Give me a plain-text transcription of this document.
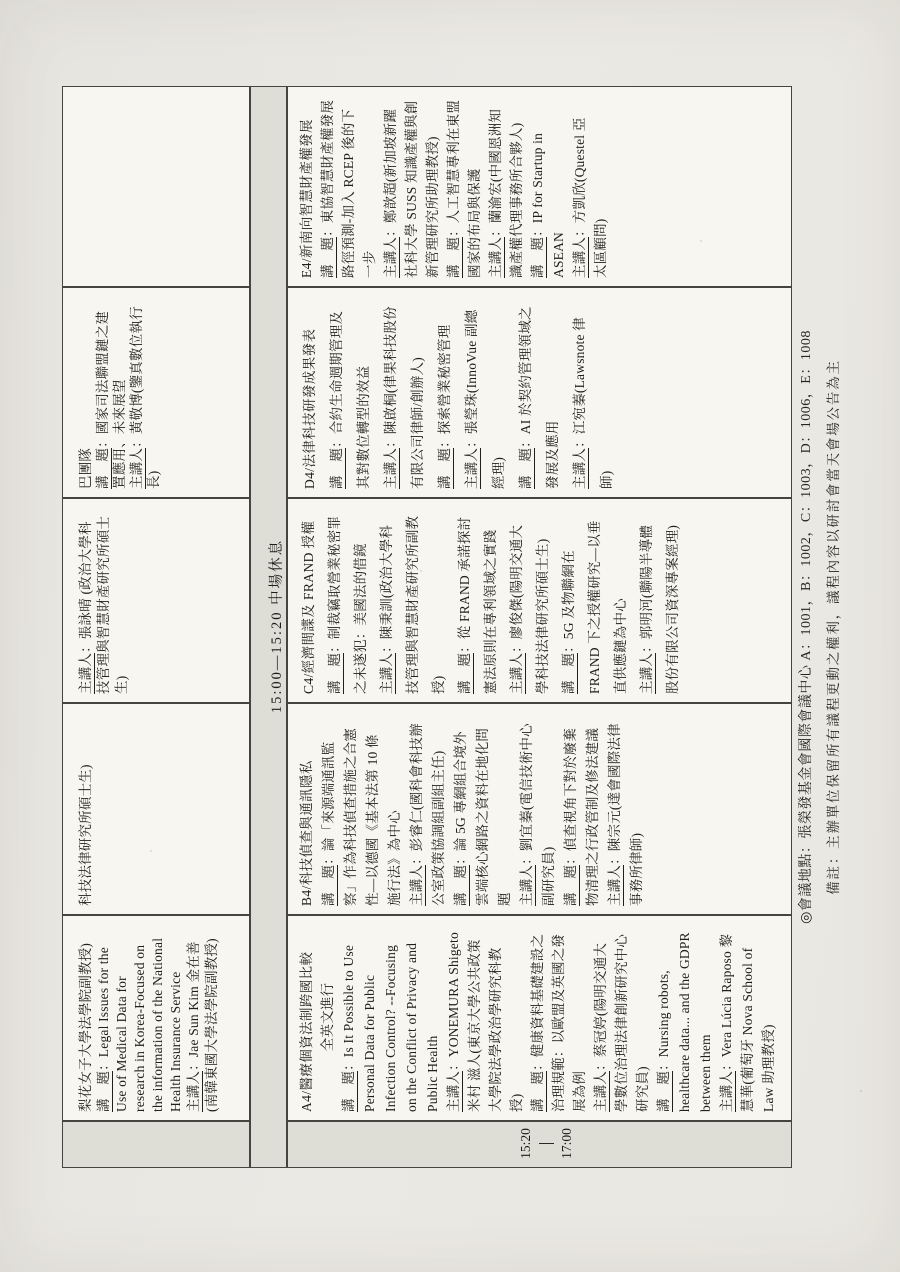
梨花女子大學法學院副教授) 講　題：Legal Issues for the Use of Medical Data for research in Korea-Focused on the information of the National Health Insurance Service 主講人：Jae Sun Kim 金在善 (南韓東國大學法學院副教授)
科技法律研究所碩士生)
主講人：張詠晴 (政治大學科 技管理與智慧財產研究所碩士 生)
巴團隊 講　題：國家司法聯盟鏈之建 置應用、未來展望 主講人：黃敬博(鑒真數位執行
長)
15:00—15:20 中場休息
15:20 17:00
A4/醫療個資法制跨國比較 全英文進行
講　題：Is It Possible to Use Personal Data for Public Infection Control? --Focusing on the Conflict of Privacy and Public Health 主講人：YONEMURA Shigeto 米村 滋人(東京大學公共政策 大學院法學政治學研究科教 授) 講　題：健康資料基礎建設之 治理規範：以歐盟及英國之發 展為例 主講人：蔡冠婷(陽明交通大 學數位治理法律創新研究中心 研究員) 講　題：Nursing robots, healthcare data... and the GDPR between them 主講人：Vera Lúcia Raposo 黎 慧華(葡萄牙 Nova School of Law 助理教授)
B4/科技偵查與通訊隱私 講　題：論「來源端通訊監 察」作為科技偵查措施之合憲 性—以德國《基本法第 10 條 施行法》為中心 主講人：彭睿仁(國科會科技辦 公室政策協調組副組主任) 講　題：論 5G 專網組合境外 雲端核心網路之資料在地化問 題 主講人：劉宜蓁(電信技術中心
副研究員) 講　題：偵查視角下對於廢棄 物清理之行政管制及修法建議 主講人：陳宗元(達會國際法律
事務所律師)
C4/經濟間諜及 FRAND 授權 講　題：制裁竊取營業秘密罪 之未遂犯：美國法的借鏡 主講人：陳秉訓(政治大學科 技管理與智慧財產研究所副教 授) 講　題：從 FRAND 承諾探討 憲法原則在專利領域之實踐 主講人：廖俊傑(陽明交通大 學科技法律研究所碩士生) 講　題：5G 及物聯網在 FRAND 下之授權研究—以垂 直供應鏈為中心 主講人：郭明河(聯陽半導體 股份有限公司資深專案經理)
D4/法律科技研發成果發表 講　題：合約生命週期管理及 其對數位轉型的效益 主講人：陳啟桐(律果科技股份 有限公司律師/創辦人) 講　題：探索營業秘密管理
主講人：張瑩珠(InnoVue 副總
經理) 講　題：AI 於契約管理領域之
發展及應用 主講人：江宛蓁(Lawsnote 律
師)
E4/新南向智慧財產權發展 講　題：東協智慧財產權發展 路徑預測-加入 RCEP 後的下 一步 主講人：鄭歆超(新加坡新躍 社科大學 SUSS 知識產權與創 新管理研究所助理教授) 講　題：人工智慧專利在東盟 國家的布局與保護 主講人：蘭渝宏(中國恩洲知 識產權代理事務所合夥人) 講　題：IP for Startup in
ASEAN 主講人：方凱欣(Questel 亞
太區顧問)
◎會議地點：張榮發基金會國際會議中心 A：1001，B：1002，C：1003，D：1006，E：1008 備註：主辦單位保留所有議程更動之權利，議程內容以研討會當天會場公告為主
